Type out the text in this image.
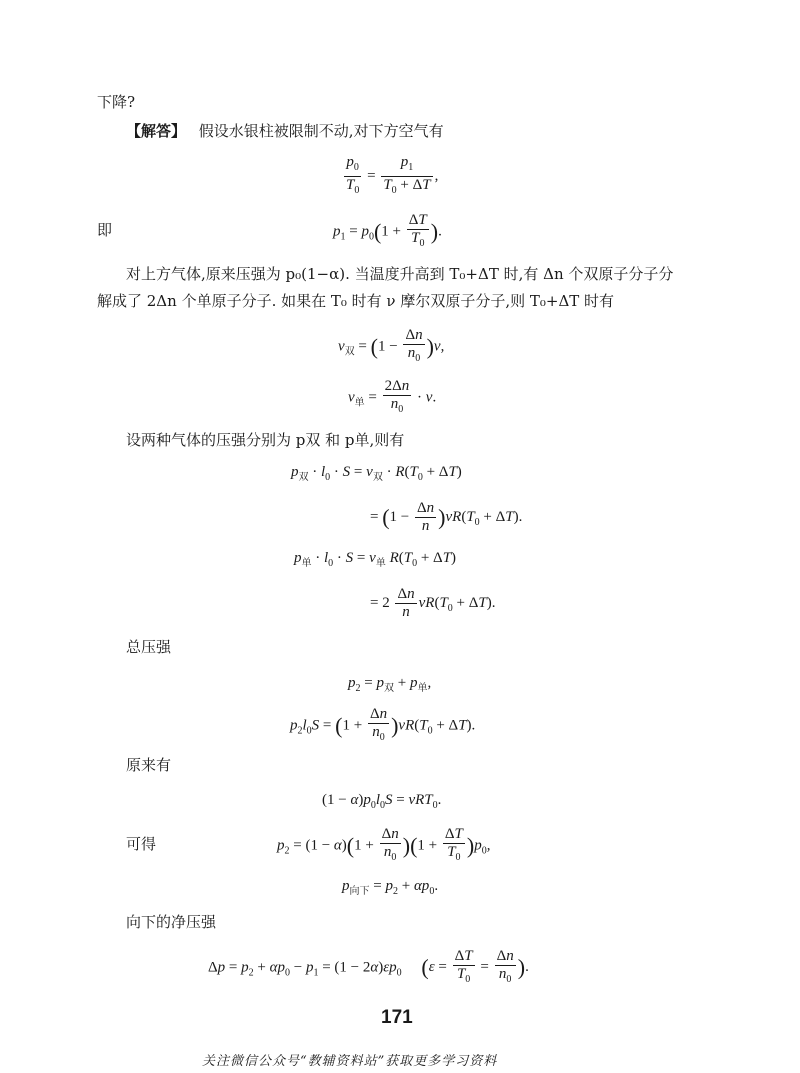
下降?
【解答】 假设水银柱被限制不动,对下方空气有
$\frac{p_0}{T_0} = \frac{p_1}{T_0 + \Delta T}$ ,
即	$p_1 = p_0(1 + \frac{\Delta T}{T_0}$ ).
对上方气体,原来压强为 p₀(1−α). 当温度升高到 T₀+ΔT 时,有 Δn 个双原子分子分
解成了 2Δn 个单原子分子. 如果在 T₀ 时有 ν 摩尔双原子分子,则 T₀+ΔT 时有
$\nu_双 = (1 - \frac{\Delta n}{n_0} )\nu$,
$\nu_单 = \frac{2\Delta n}{n_0} \cdot \nu$.
设两种气体的压强分别为 p双 和 p单,则有
$p_双 \cdot l_0 \cdot S = \nu_双 \cdot R(T_0 + \Delta T)$
= $(1 - \frac{\Delta n}{n} )\nu R(T_0 + \Delta T)$.
$p_单 \cdot l_0 \cdot S = \nu_单$ $R(T_0 + \Delta T)$
= $2 \frac{\Delta n}{n} \nu R(T_0 + \Delta T)$.
总压强
$p_2 = p_双 + p_单$,
$p_2l_0S = (1 + \frac{\Delta n}{n_0} )\nu R(T_0 + \Delta T)$.
原来有
$(1 - \alpha)p_0l_0S = \nu RT_0$.
可得	$p_2 = (1 - \alpha)(1 + \frac{\Delta n}{n_0} )(1 + \frac{\Delta T}{T_0} )p_0$,
$p_{向下} = p_2 + \alpha p_0$.
向下的净压强
$\Delta p = p_2 + \alpha p_0 - p_1 = (1 - 2\alpha)\varepsilon p_0$ ($\varepsilon = \frac{\Delta T}{T_0} = \frac{\Delta n}{n_0}$ ).
171
关注微信公众号“教辅资料站”获取更多学习资料
